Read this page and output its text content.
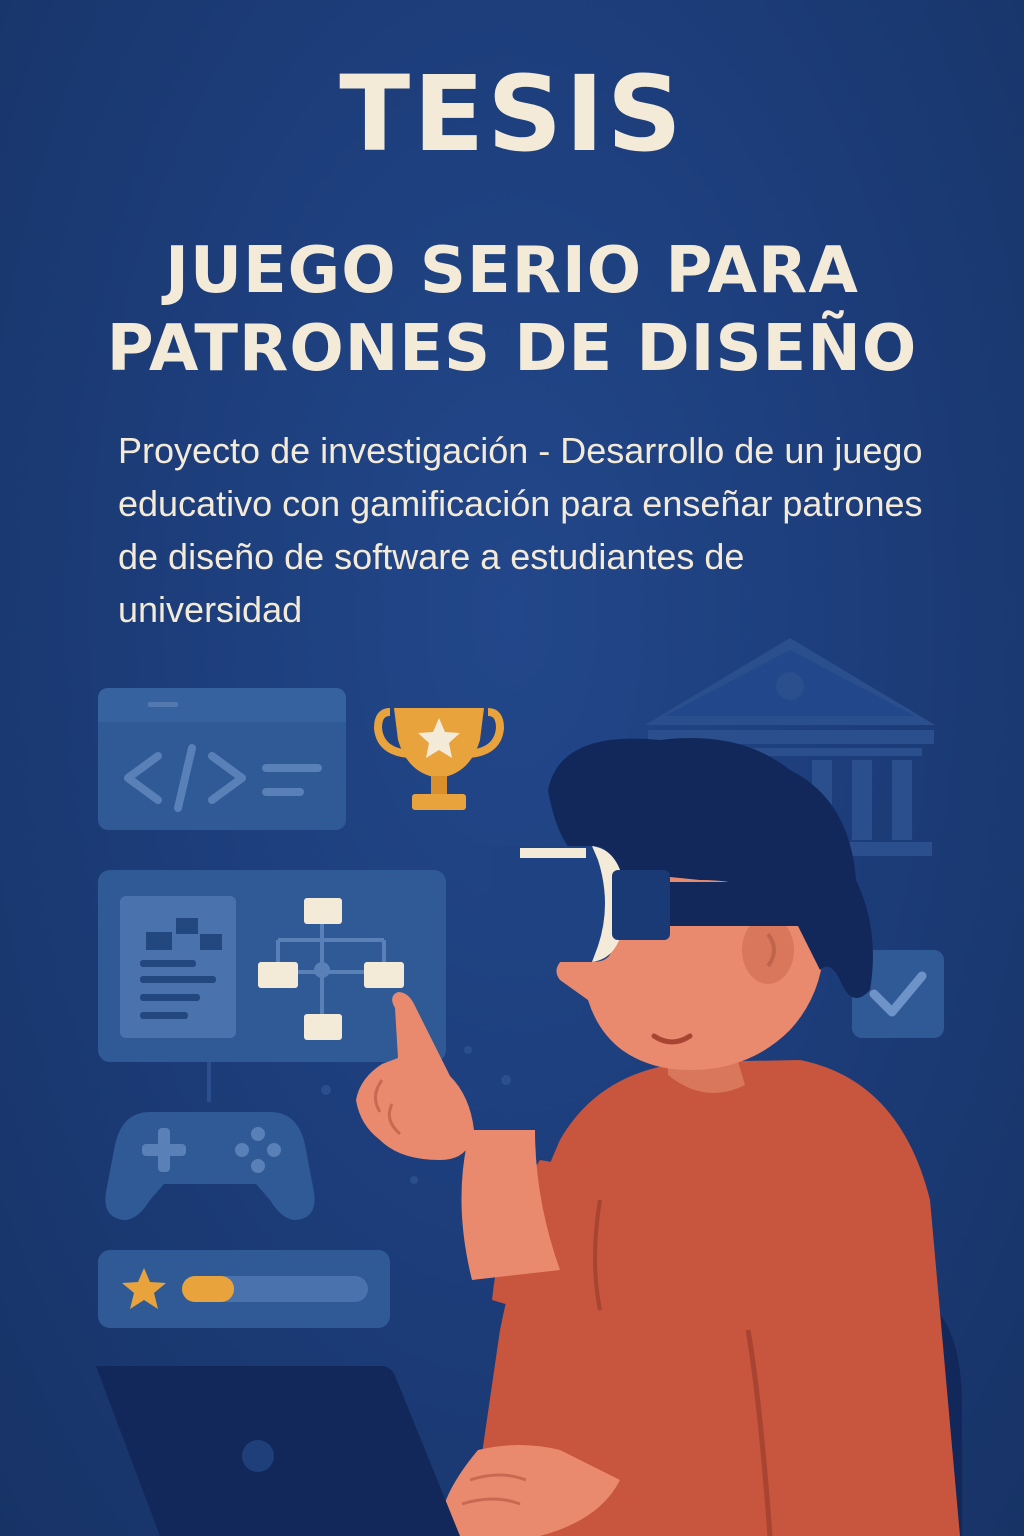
TESIS
JUEGO SERIO PARA
PATRONES DE DISEÑO
Proyecto de investigación - Desarrollo de un juego educativo con gamificación para enseñar patrones de diseño de software a estudiantes de universidad
